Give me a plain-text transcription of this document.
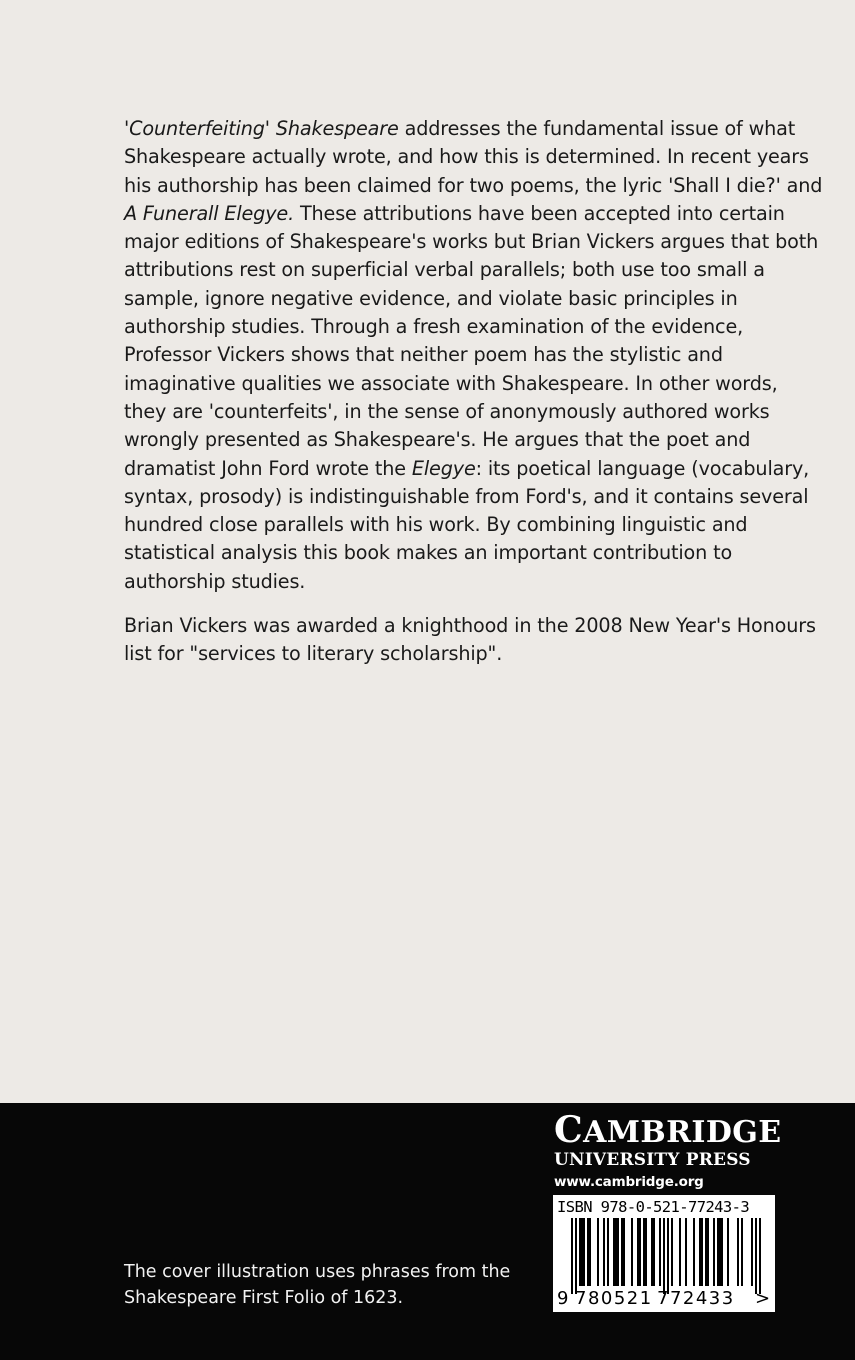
'Counterfeiting' Shakespeare addresses the fundamental issue of what Shakespeare actually wrote, and how this is determined. In recent years his authorship has been claimed for two poems, the lyric 'Shall I die?' and A Funerall Elegye. These attributions have been accepted into certain major editions of Shakespeare's works but Brian Vickers argues that both attributions rest on superficial verbal parallels; both use too small a sample, ignore negative evidence, and violate basic principles in authorship studies. Through a fresh examination of the evidence, Professor Vickers shows that neither poem has the stylistic and imaginative qualities we associate with Shakespeare. In other words, they are 'counterfeits', in the sense of anonymously authored works wrongly presented as Shakespeare's. He argues that the poet and dramatist John Ford wrote the Elegye: its poetical language (vocabulary, syntax, prosody) is indistinguishable from Ford's, and it contains several hundred close parallels with his work. By combining linguistic and statistical analysis this book makes an important contribution to authorship studies.

Brian Vickers was awarded a knighthood in the 2008 New Year's Honours list for "services to literary scholarship".

The cover illustration uses phrases from the Shakespeare First Folio of 1623.
CAMBRIDGE
UNIVERSITY PRESS
www.cambridge.org
ISBN 978-0-521-77243-3
9 780521 772433 >
